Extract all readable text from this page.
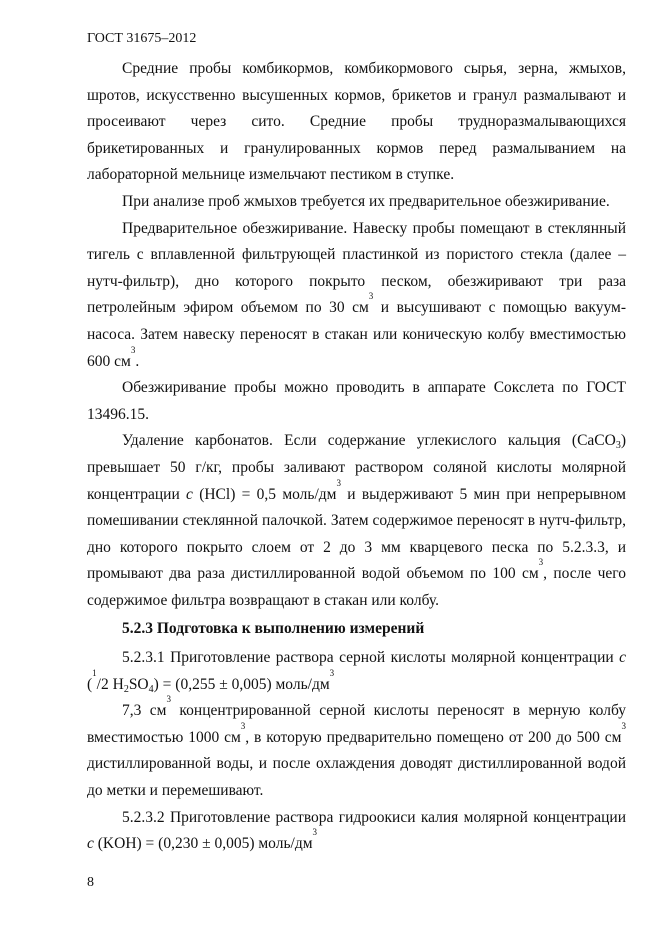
ГОСТ 31675–2012

Средние пробы комбикормов, комбикормового сырья, зерна, жмыхов, шротов, искусственно высушенных кормов, брикетов и гранул размалывают и просеивают через сито. Средние пробы трудноразмалывающихся брикетированных и гранулированных кормов перед размалыванием на лабораторной мельнице измельчают пестиком в ступке.

При анализе проб жмыхов требуется их предварительное обезжиривание.

Предварительное обезжиривание. Навеску пробы помещают в стеклянный тигель с вплавленной фильтрующей пластинкой из пористого стекла (далее – нутч-фильтр), дно которого покрыто песком, обезжиривают три раза петролейным эфиром объемом по 30 $см^3$ и высушивают с помощью вакуум-насоса. Затем навеску переносят в стакан или коническую колбу вместимостью 600 $см^3$.

Обезжиривание пробы можно проводить в аппарате Сокслета по ГОСТ 13496.15.

Удаление карбонатов. Если содержание углекислого кальция (CaCO$_3$) превышает 50 г/кг, пробы заливают раствором соляной кислоты молярной концентрации c (HCl) = 0,5 моль/$дм^3$ и выдерживают 5 мин при непрерывном помешивании стеклянной палочкой. Затем содержимое переносят в нутч-фильтр, дно которого покрыто слоем от 2 до 3 мм кварцевого песка по 5.2.3.3, и промывают два раза дистиллированной водой объемом по 100 $см^3$, после чего содержимое фильтра возвращают в стакан или колбу.

5.2.3 Подготовка к выполнению измерений

5.2.3.1 Приготовление раствора серной кислоты молярной концентрации c ($^1$/2 $H_2SO_4) = (0,255 \pm 0,005)$ моль/$дм^3$

7,3 $см^3$ концентрированной серной кислоты переносят в мерную колбу вместимостью 1000 $см^3$, в которую предварительно помещено от 200 до 500 $см^3$ дистиллированной воды, и после охлаждения доводят дистиллированной водой до метки и перемешивают.

5.2.3.2 Приготовление раствора гидроокиси калия молярной концентрации c (KOH) = (0,230 ± 0,005) моль/$дм^3$

8
